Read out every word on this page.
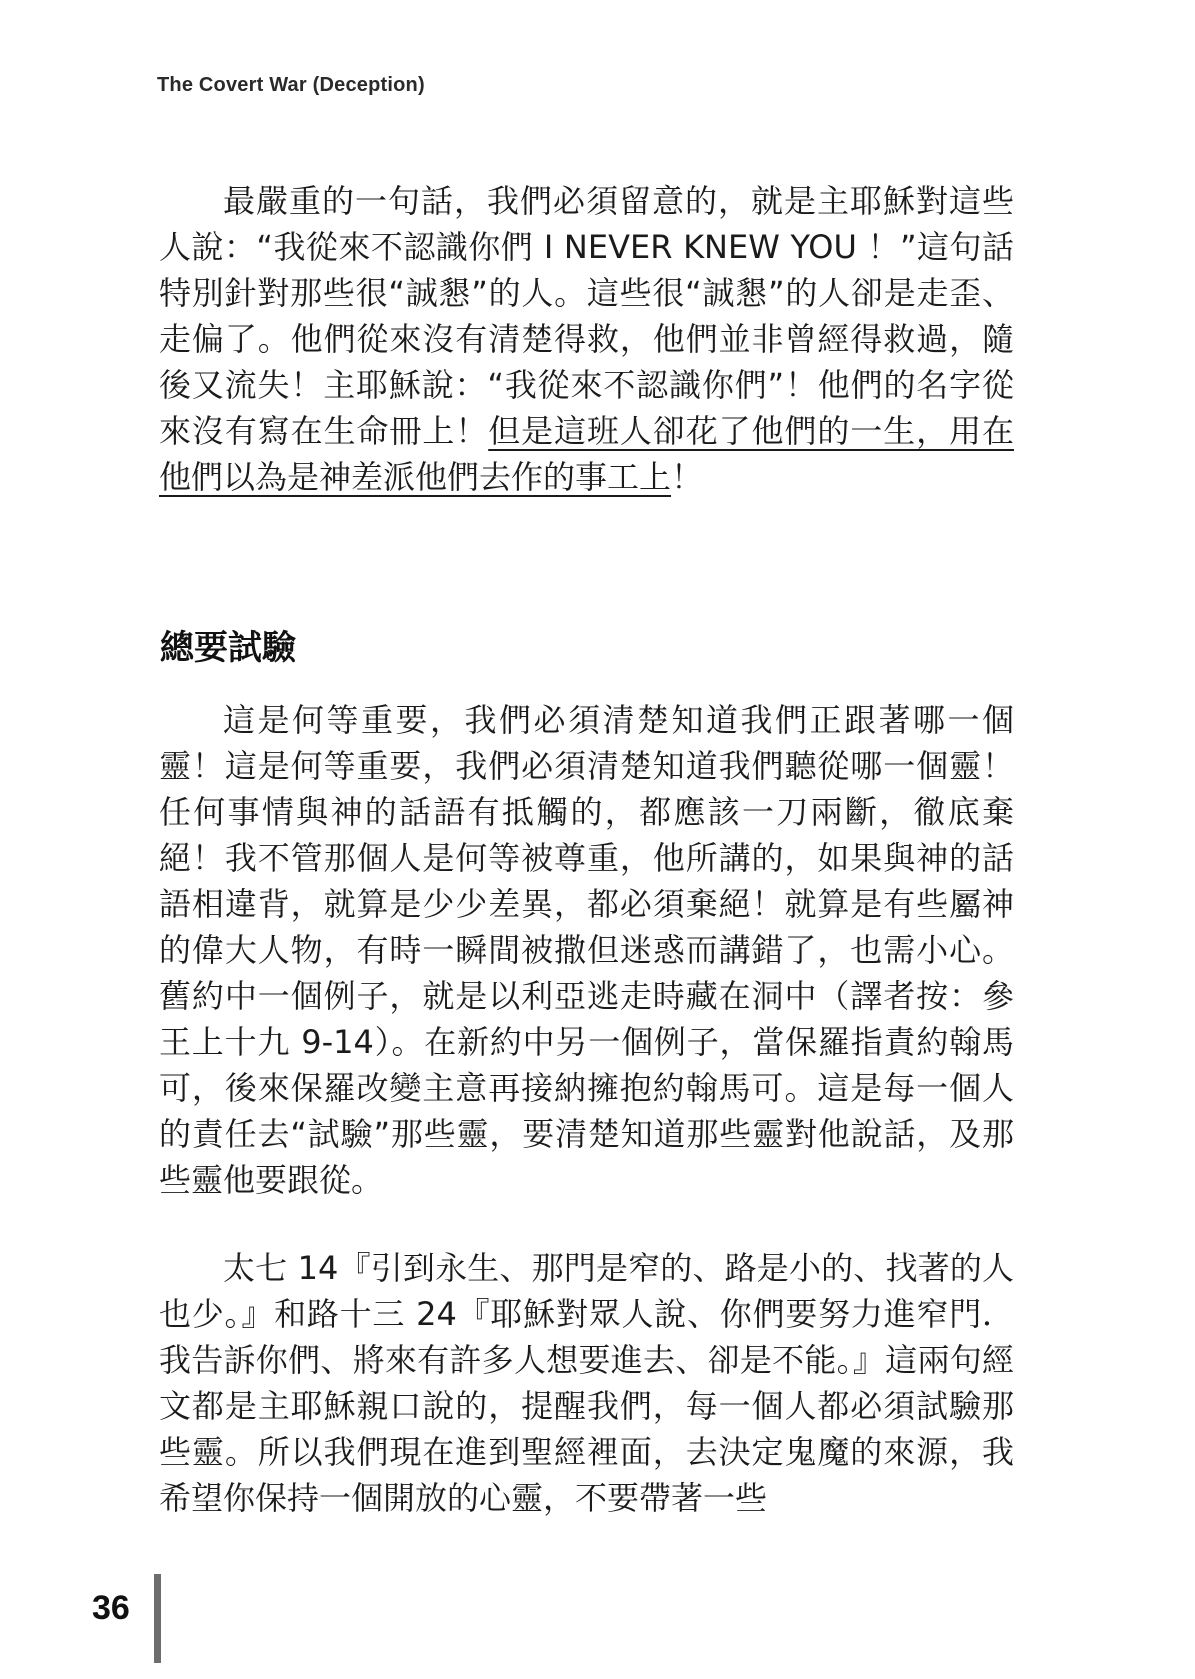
The Covert War (Deception)

最嚴重的一句話，我們必須留意的，就是主耶穌對這些人說：“我從來不認識你們 I NEVER KNEW YOU ！”這句話特別針對那些很“誠懇”的人。這些很“誠懇”的人卻是走歪、走偏了。他們從來沒有清楚得救，他們並非曾經得救過，隨後又流失！主耶穌說：“我從來不認識你們”！他們的名字從來沒有寫在生命冊上！但是這班人卻花了他們的一生，用在他們以為是神差派他們去作的事工上！

總要試驗

這是何等重要，我們必須清楚知道我們正跟著哪一個靈！這是何等重要，我們必須清楚知道我們聽從哪一個靈！任何事情與神的話語有抵觸的，都應該一刀兩斷，徹底棄絕！我不管那個人是何等被尊重，他所講的，如果與神的話語相違背，就算是少少差異，都必須棄絕！就算是有些屬神的偉大人物，有時一瞬間被撒但迷惑而講錯了，也需小心。舊約中一個例子，就是以利亞逃走時藏在洞中（譯者按：參王上十九 9-14）。在新約中另一個例子，當保羅指責約翰馬可，後來保羅改變主意再接納擁抱約翰馬可。這是每一個人的責任去“試驗”那些靈，要清楚知道那些靈對他說話，及那些靈他要跟從。

太七 14『引到永生、那門是窄的、路是小的、找著的人也少。』和路十三 24『耶穌對眾人說、你們要努力進窄門．我告訴你們、將來有許多人想要進去、卻是不能。』這兩句經文都是主耶穌親口說的，提醒我們，每一個人都必須試驗那些靈。所以我們現在進到聖經裡面，去決定鬼魔的來源，我希望你保持一個開放的心靈，不要帶著一些

36
